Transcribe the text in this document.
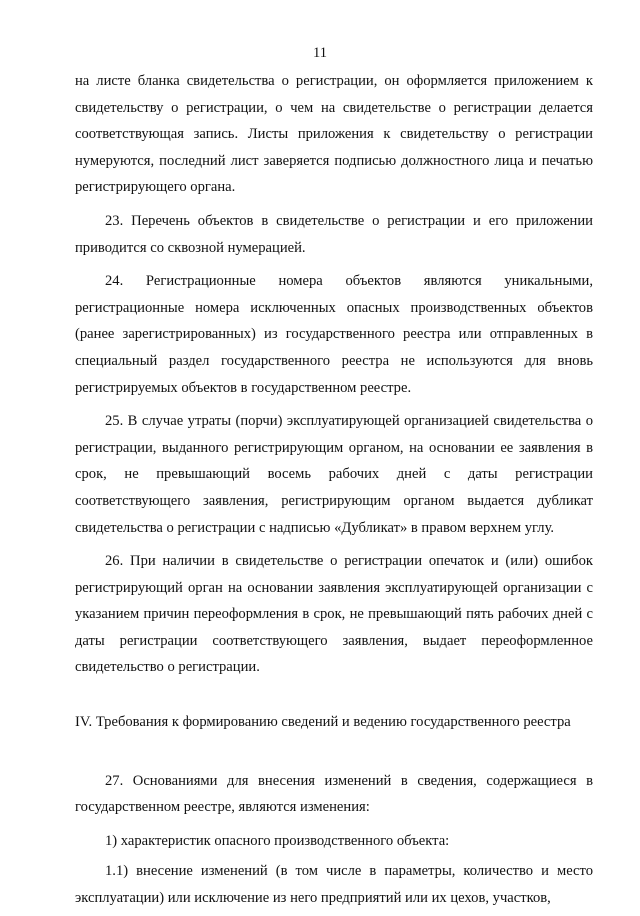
11

на листе бланка свидетельства о регистрации, он оформляется приложением к свидетельству о регистрации, о чем на свидетельстве о регистрации делается соответствующая запись. Листы приложения к свидетельству о регистрации нумеруются, последний лист заверяется подписью должностного лица и печатью регистрирующего органа.

23. Перечень объектов в свидетельстве о регистрации и его приложении приводится со сквозной нумерацией.

24. Регистрационные номера объектов являются уникальными, регистрационные номера исключенных опасных производственных объектов (ранее зарегистрированных) из государственного реестра или отправленных в специальный раздел государственного реестра не используются для вновь регистрируемых объектов в государственном реестре.

25. В случае утраты (порчи) эксплуатирующей организацией свидетельства о регистрации, выданного регистрирующим органом, на основании ее заявления в срок, не превышающий восемь рабочих дней с даты регистрации соответствующего заявления, регистрирующим органом выдается дубликат свидетельства о регистрации с надписью «Дубликат» в правом верхнем углу.

26. При наличии в свидетельстве о регистрации опечаток и (или) ошибок регистрирующий орган на основании заявления эксплуатирующей организации с указанием причин переоформления в срок, не превышающий пять рабочих дней с даты регистрации соответствующего заявления, выдает переоформленное свидетельство о регистрации.

IV. Требования к формированию сведений и ведению государственного реестра

27. Основаниями для внесения изменений в сведения, содержащиеся в государственном реестре, являются изменения:

1) характеристик опасного производственного объекта:

1.1) внесение изменений (в том числе в параметры, количество и место эксплуатации) или исключение из него предприятий или их цехов, участков,
